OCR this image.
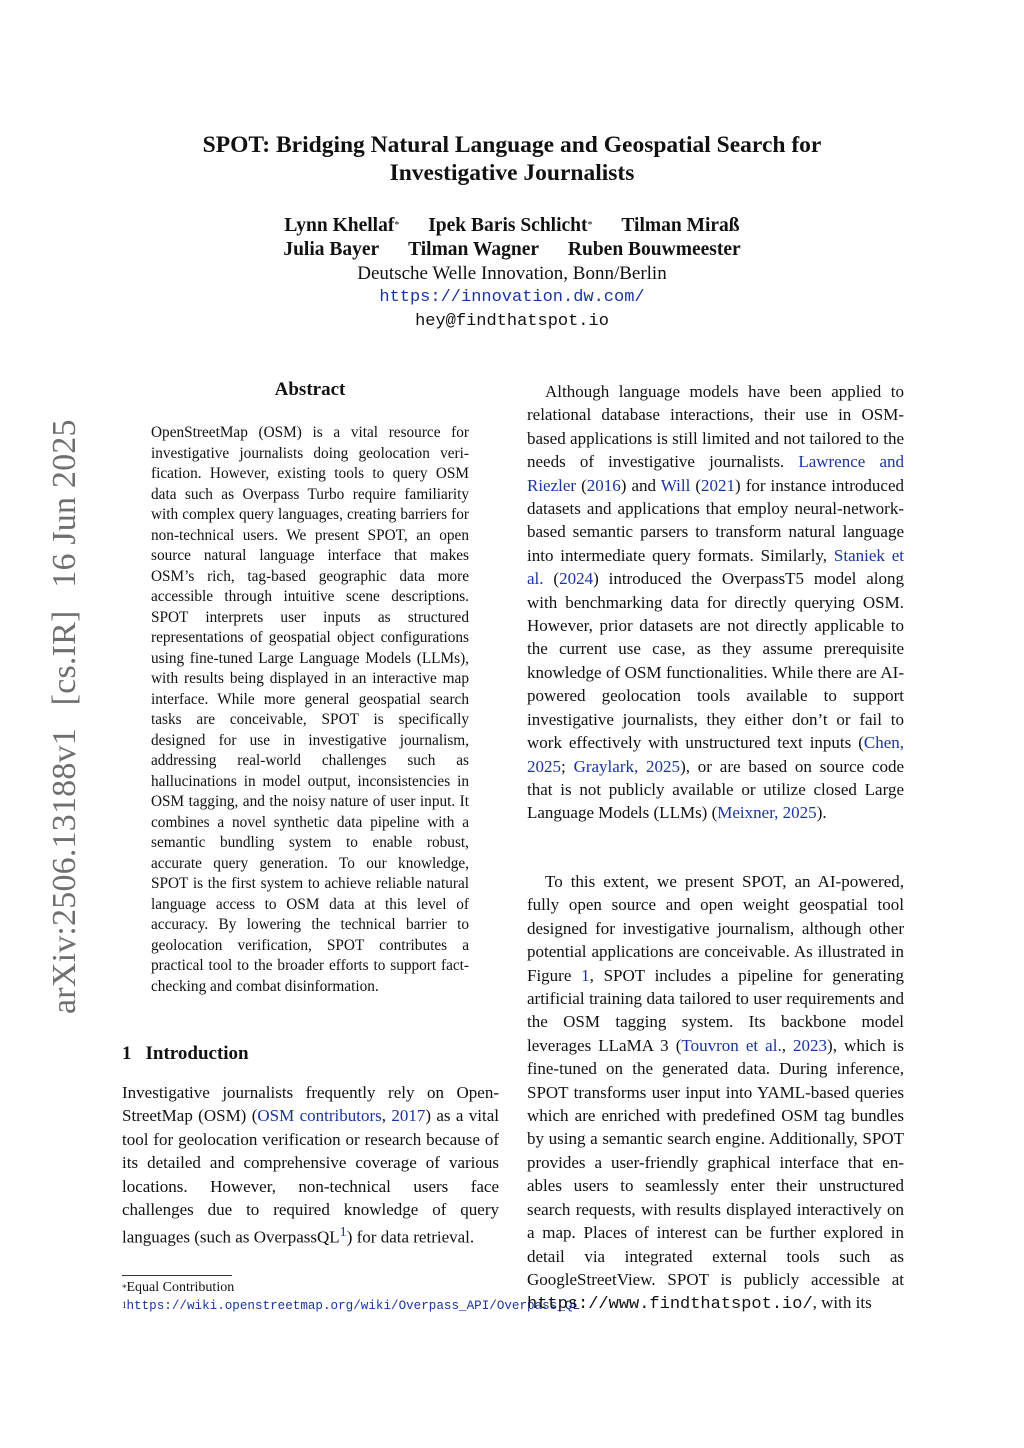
arXiv:2506.13188v1 [cs.IR] 16 Jun 2025
SPOT: Bridging Natural Language and Geospatial Search for
Investigative Journalists
Lynn Khellaf* Ipek Baris Schlicht* Tilman Miraß
Julia Bayer Tilman Wagner Ruben Bouwmeester
Deutsche Welle Innovation, Bonn/Berlin
https://innovation.dw.com/
hey@findthatspot.io
Abstract

OpenStreetMap (OSM) is a vital resource for investigative journalists doing geolocation verification. However, existing tools to query OSM data such as Overpass Turbo require familiarity with complex query languages, creating barriers for non-technical users. We present SPOT, an open source natural language interface that makes OSM’s rich, tag-based geographic data more accessible through intuitive scene descriptions. SPOT interprets user inputs as structured representations of geospatial object configurations using fine-tuned Large Language Models (LLMs), with results being displayed in an interactive map interface. While more general geospatial search tasks are conceivable, SPOT is specifically designed for use in investigative journalism, addressing real-world challenges such as hallucinations in model output, inconsistencies in OSM tagging, and the noisy nature of user input. It combines a novel synthetic data pipeline with a semantic bundling system to enable robust, accurate query generation. To our knowledge, SPOT is the first system to achieve reliable natural language access to OSM data at this level of accuracy. By lowering the technical barrier to geolocation verification, SPOT contributes a practical tool to the broader efforts to support fact-checking and combat disinformation.

1 Introduction

Investigative journalists frequently rely on OpenStreetMap (OSM) (OSM contributors, 2017) as a vital tool for geolocation verification or research because of its detailed and comprehensive coverage of various locations. However, non-technical users face challenges due to required knowledge of query languages (such as OverpassQL$^1$) for data retrieval.

*Equal Contribution
$^1$https://wiki.openstreetmap.org/wiki/Overpass_API/Overpass_QL

Although language models have been applied to relational database interactions, their use in OSM-based applications is still limited and not tailored to the needs of investigative journalists. Lawrence and Riezler (2016) and Will (2021) for instance introduced datasets and applications that employ neural-network-based semantic parsers to transform natural language into intermediate query formats. Similarly, Staniek et al. (2024) introduced the OverpassT5 model along with benchmarking data for directly querying OSM. However, prior datasets are not directly applicable to the current use case, as they assume prerequisite knowledge of OSM functionalities. While there are AI-powered geolocation tools available to support investigative journalists, they either don’t or fail to work effectively with unstructured text inputs (Chen, 2025; Graylark, 2025), or are based on source code that is not publicly available or utilize closed Large Language Models (LLMs) (Meixner, 2025).

To this extent, we present SPOT, an AI-powered, fully open source and open weight geospatial tool designed for investigative journalism, although other potential applications are conceivable. As illustrated in Figure 1, SPOT includes a pipeline for generating artificial training data tailored to user requirements and the OSM tagging system. Its backbone model leverages LLaMA 3 (Touvron et al., 2023), which is fine-tuned on the generated data. During inference, SPOT transforms user input into YAML-based queries which are enriched with predefined OSM tag bundles by using a semantic search engine. Additionally, SPOT provides a user-friendly graphical interface that enables users to seamlessly enter their unstructured search requests, with results displayed interactively on a map. Places of interest can be further explored in detail via integrated external tools such as GoogleStreetView. SPOT is publicly accessible at https://www.findthatspot.io/, with its
